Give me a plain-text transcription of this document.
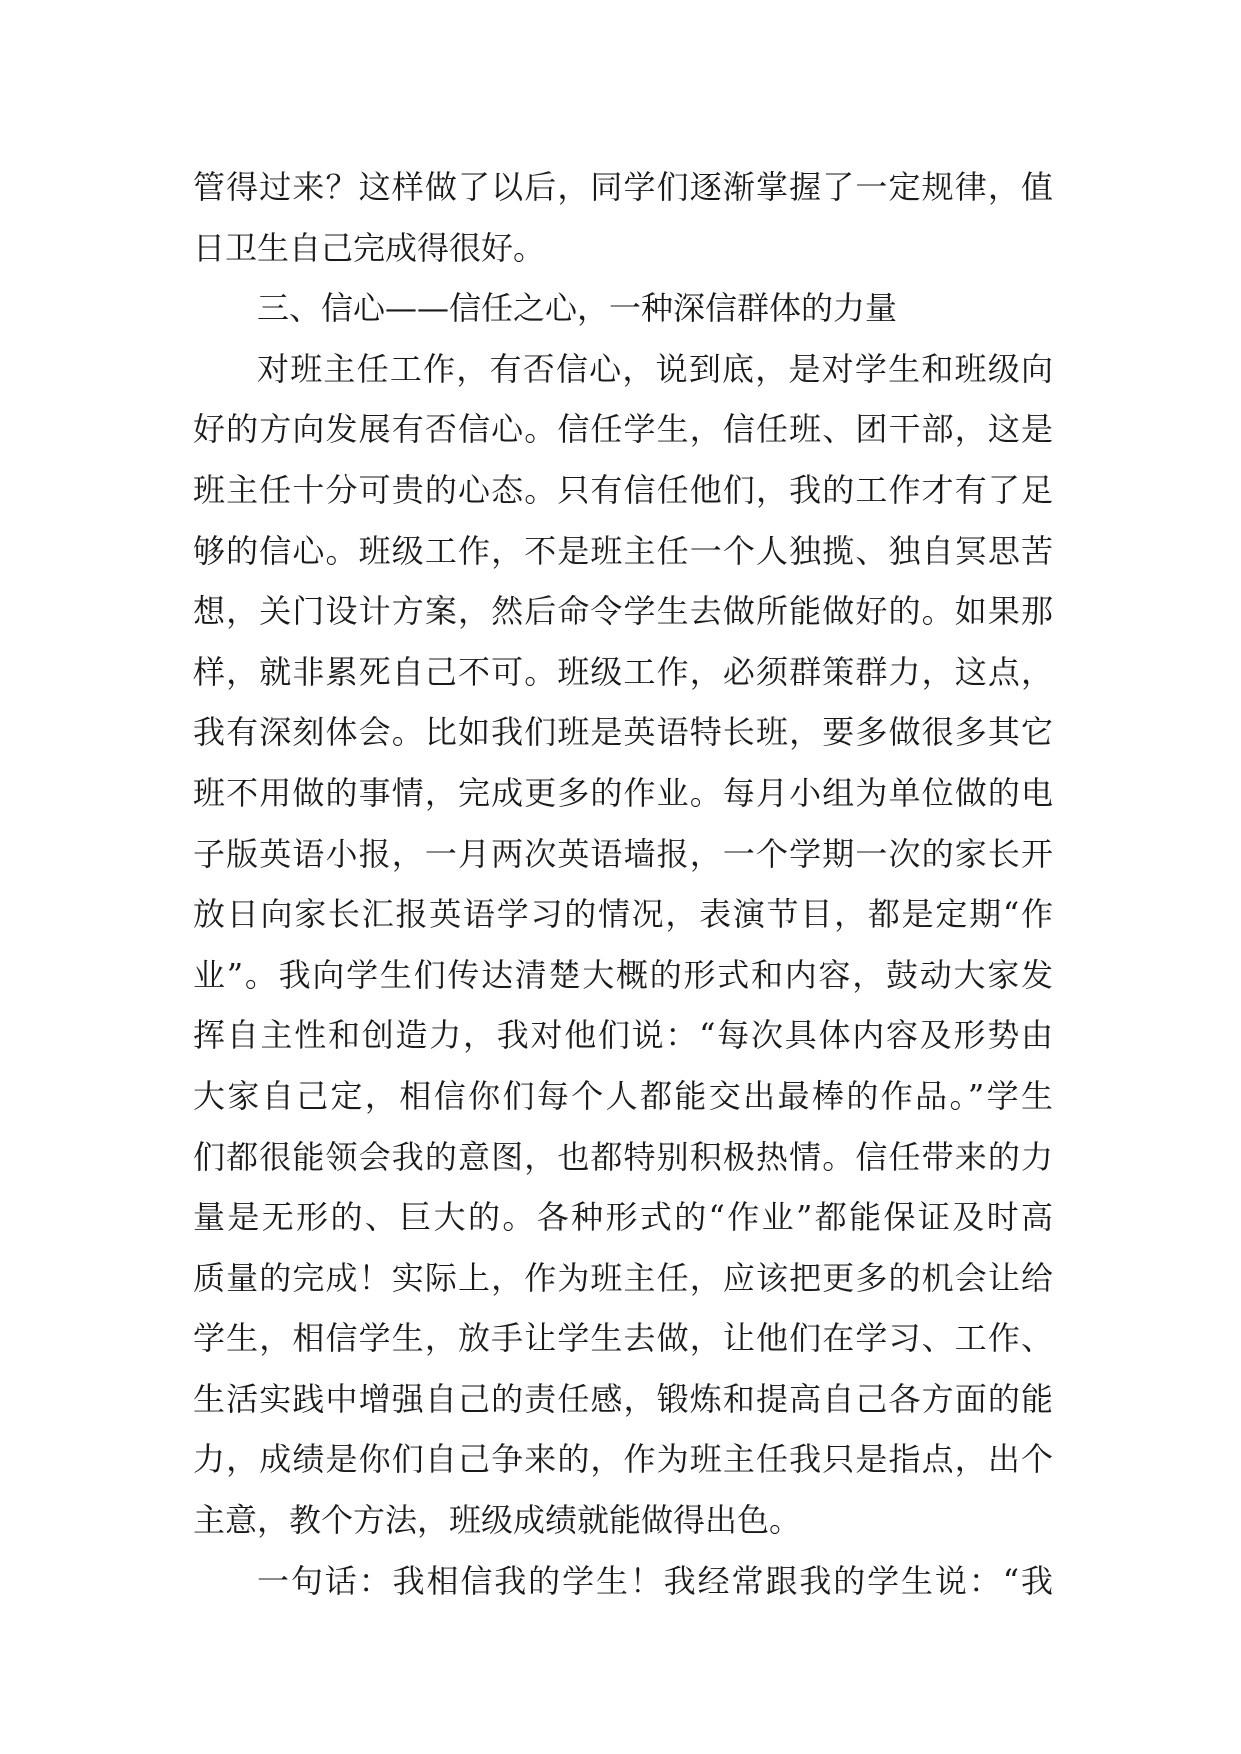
管得过来？这样做了以后，同学们逐渐掌握了一定规律，值
日卫生自己完成得很好。
三、信心——信任之心，一种深信群体的力量
对班主任工作，有否信心，说到底，是对学生和班级向
好的方向发展有否信心。信任学生，信任班、团干部，这是
班主任十分可贵的心态。只有信任他们，我的工作才有了足
够的信心。班级工作，不是班主任一个人独揽、独自冥思苦
想，关门设计方案，然后命令学生去做所能做好的。如果那
样，就非累死自己不可。班级工作，必须群策群力，这点，
我有深刻体会。比如我们班是英语特长班，要多做很多其它
班不用做的事情，完成更多的作业。每月小组为单位做的电
子版英语小报，一月两次英语墙报，一个学期一次的家长开
放日向家长汇报英语学习的情况，表演节目，都是定期“作
业”。我向学生们传达清楚大概的形式和内容，鼓动大家发
挥自主性和创造力，我对他们说：“每次具体内容及形势由
大家自己定，相信你们每个人都能交出最棒的作品。”学生
们都很能领会我的意图，也都特别积极热情。信任带来的力
量是无形的、巨大的。各种形式的“作业”都能保证及时高
质量的完成！实际上，作为班主任，应该把更多的机会让给
学生，相信学生，放手让学生去做，让他们在学习、工作、
生活实践中增强自己的责任感，锻炼和提高自己各方面的能
力，成绩是你们自己争来的，作为班主任我只是指点，出个
主意，教个方法，班级成绩就能做得出色。
一句话：我相信我的学生！我经常跟我的学生说：“我
